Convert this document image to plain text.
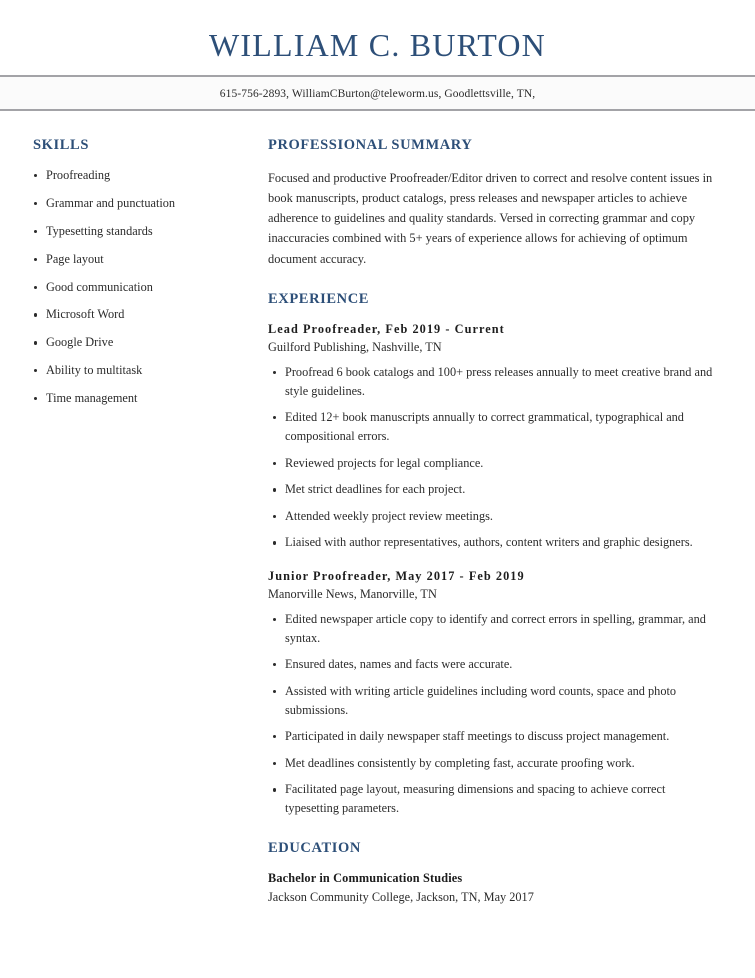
WILLIAM C. BURTON
615-756-2893, WilliamCBurton@teleworm.us, Goodlettsville, TN,
SKILLS
Proofreading
Grammar and punctuation
Typesetting standards
Page layout
Good communication
Microsoft Word
Google Drive
Ability to multitask
Time management
PROFESSIONAL SUMMARY

Focused and productive Proofreader/Editor driven to correct and resolve content issues in book manuscripts, product catalogs, press releases and newspaper articles to achieve adherence to guidelines and quality standards. Versed in correcting grammar and copy inaccuracies combined with 5+ years of experience allows for achieving of optimum document accuracy.

EXPERIENCE
Lead Proofreader, Feb 2019 - Current
Guilford Publishing, Nashville, TN
Proofread 6 book catalogs and 100+ press releases annually to meet creative brand and style guidelines.
Edited 12+ book manuscripts annually to correct grammatical, typographical and compositional errors.
Reviewed projects for legal compliance.
Met strict deadlines for each project.
Attended weekly project review meetings.
Liaised with author representatives, authors, content writers and graphic designers.
Junior Proofreader, May 2017 - Feb 2019
Manorville News, Manorville, TN
Edited newspaper article copy to identify and correct errors in spelling, grammar, and syntax.
Ensured dates, names and facts were accurate.
Assisted with writing article guidelines including word counts, space and photo submissions.
Participated in daily newspaper staff meetings to discuss project management.
Met deadlines consistently by completing fast, accurate proofing work.
Facilitated page layout, measuring dimensions and spacing to achieve correct typesetting parameters.
EDUCATION
Bachelor in Communication Studies
Jackson Community College, Jackson, TN, May 2017
